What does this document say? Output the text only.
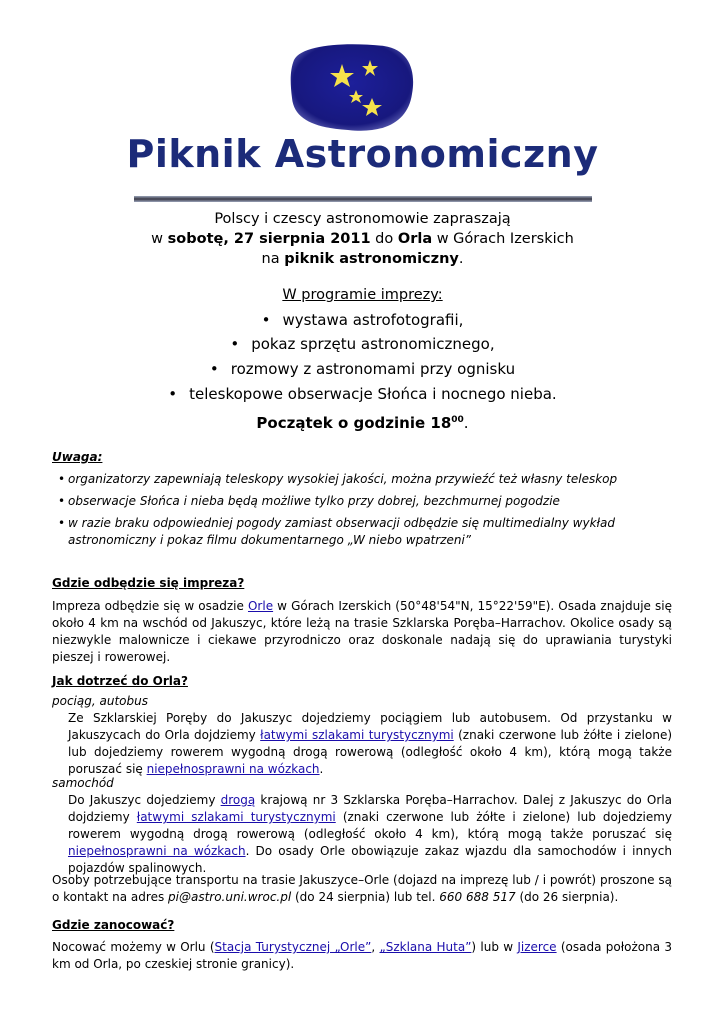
Piknik Astronomiczny
Polscy i czescy astronomowie zapraszają
w sobotę, 27 sierpnia 2011 do Orla w Górach Izerskich
na piknik astronomiczny.
W programie imprezy:
• wystawa astrofotografii,
• pokaz sprzętu astronomicznego,
• rozmowy z astronomami przy ognisku
• teleskopowe obserwacje Słońca i nocnego nieba.
Początek o godzinie $18^{00}$.
Uwaga:
• organizatorzy zapewniają teleskopy wysokiej jakości, można przywieźć też własny teleskop
• obserwacje Słońca i nieba będą możliwe tylko przy dobrej, bezchmurnej pogodzie
• w razie braku odpowiedniej pogody zamiast obserwacji odbędzie się multimedialny wykład astronomiczny i pokaz filmu dokumentarnego „W niebo wpatrzeni”
Gdzie odbędzie się impreza?
Impreza odbędzie się w osadzie Orle w Górach Izerskich (50°48'54"N, 15°22'59"E). Osada znajduje się około 4 km na wschód od Jakuszyc, które leżą na trasie Szklarska Poręba–Harrachov. Okolice osady są niezwykle malownicze i ciekawe przyrodniczo oraz doskonale nadają się do uprawiania turystyki pieszej i rowerowej.
Jak dotrzeć do Orla?
pociąg, autobus
Ze Szklarskiej Poręby do Jakuszyc dojedziemy pociągiem lub autobusem. Od przystanku w Jakuszycach do Orla dojdziemy łatwymi szlakami turystycznymi (znaki czerwone lub żółte i zielone) lub dojedziemy rowerem wygodną drogą rowerową (odległość około 4 km), którą mogą także poruszać się niepełnosprawni na wózkach.
samochód
Do Jakuszyc dojedziemy drogą krajową nr 3 Szklarska Poręba–Harrachov. Dalej z Jakuszyc do Orla dojdziemy łatwymi szlakami turystycznymi (znaki czerwone lub żółte i zielone) lub dojedziemy rowerem wygodną drogą rowerową (odległość około 4 km), którą mogą także poruszać się niepełnosprawni na wózkach. Do osady Orle obowiązuje zakaz wjazdu dla samochodów i innych pojazdów spalinowych.
Osoby potrzebujące transportu na trasie Jakuszyce–Orle (dojazd na imprezę lub / i powrót) proszone są o kontakt na adres pi@astro.uni.wroc.pl (do 24 sierpnia) lub tel. 660 688 517 (do 26 sierpnia).
Gdzie zanocować?
Nocować możemy w Orlu (Stacja Turystycznej „Orle”, „Szklana Huta”) lub w Jizerce (osada położona 3 km od Orla, po czeskiej stronie granicy).
